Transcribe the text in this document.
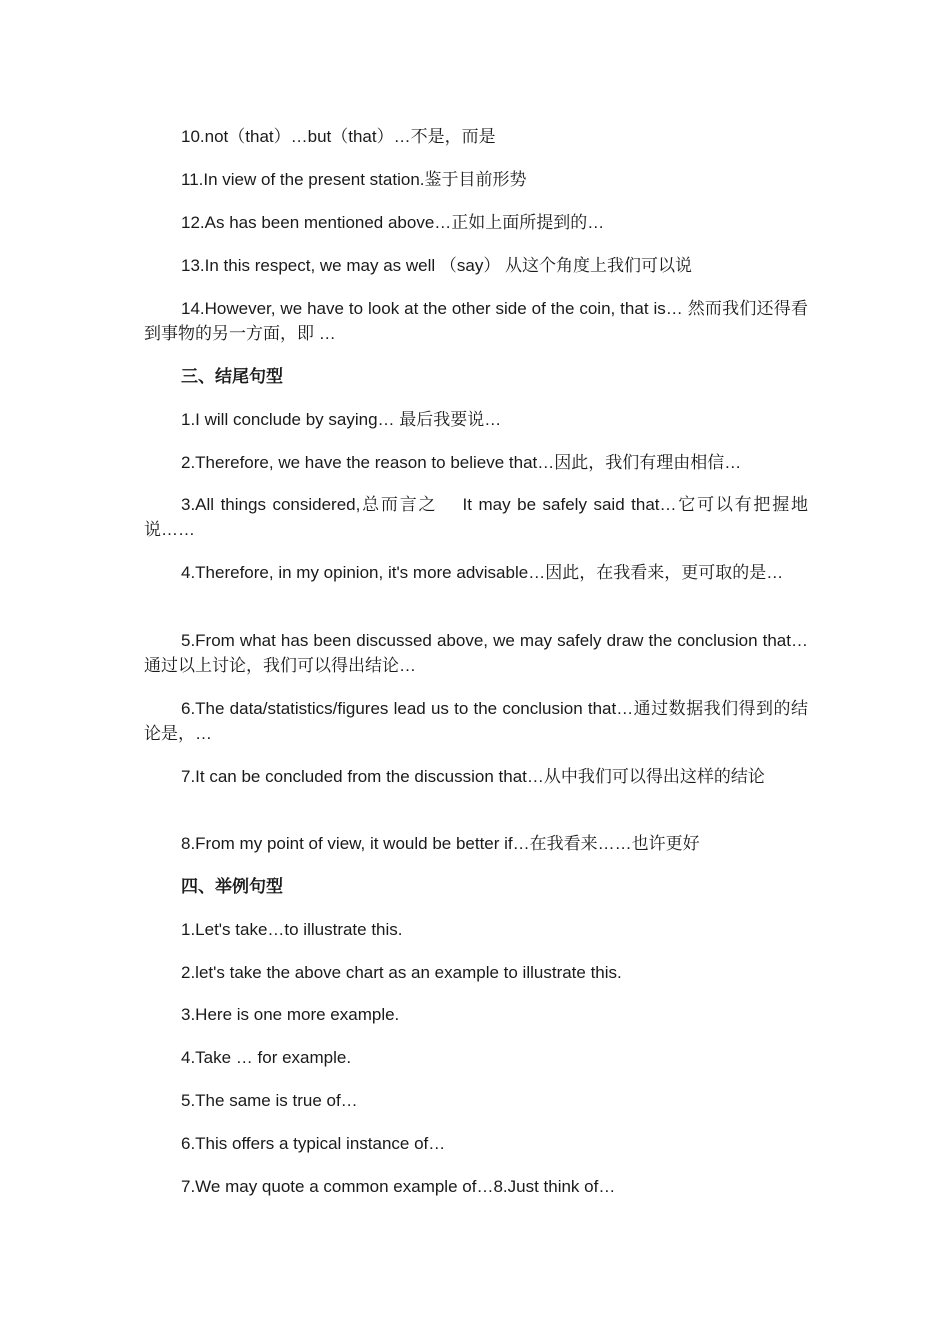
10.not（that）…but（that）…不是，而是

11.In view of the present station.鉴于目前形势

12.As has been mentioned above…正如上面所提到的…

13.In this respect, we may as well （say） 从这个角度上我们可以说

14.However, we have to look at the other side of the coin, that is… 然而我们还得看到事物的另一方面，即 …

三、结尾句型

1.I will conclude by saying… 最后我要说…

2.Therefore, we have the reason to believe that…因此，我们有理由相信…

3.All things considered,总而言之　 It may be safely said that…它可以有把握地说……

4.Therefore, in my opinion, it's more advisable…因此，在我看来，更可取的是…

5.From what has been discussed above, we may safely draw the conclusion that…通过以上讨论，我们可以得出结论…

6.The data/statistics/figures lead us to the conclusion that…通过数据我们得到的结论是，…

7.It can be concluded from the discussion that…从中我们可以得出这样的结论

8.From my point of view, it would be better if…在我看来……也许更好

四、举例句型

1.Let's take…to illustrate this.

2.let's take the above chart as an example to illustrate this.

3.Here is one more example.

4.Take … for example.

5.The same is true of…

6.This offers a typical instance of…

7.We may quote a common example of…8.Just think of…
